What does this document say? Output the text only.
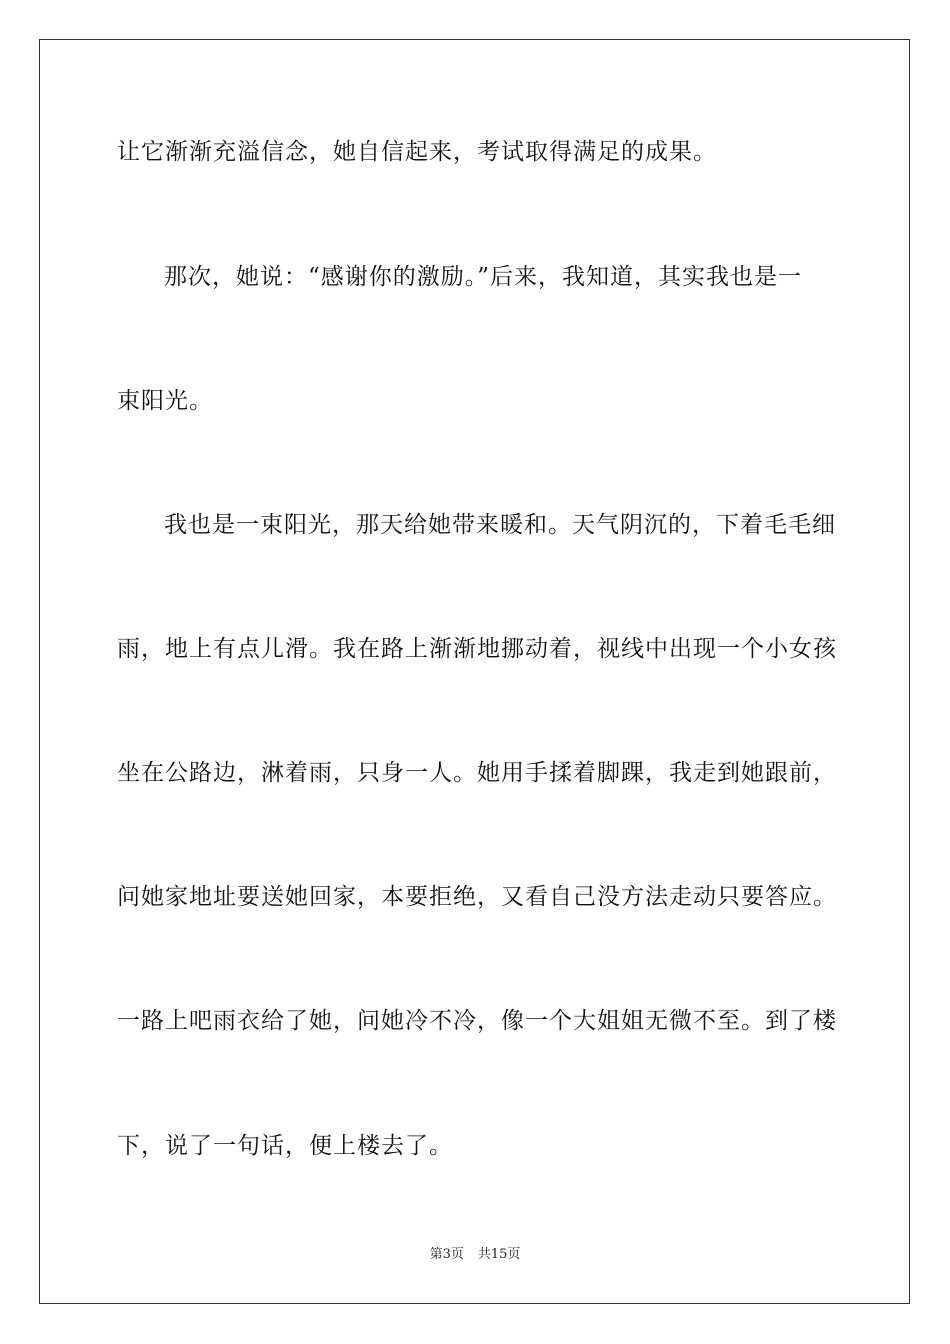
让它渐渐充溢信念，她自信起来，考试取得满足的成果。
那次，她说：“感谢你的激励。”后来，我知道，其实我也是一
束阳光。
我也是一束阳光，那天给她带来暖和。天气阴沉的，下着毛毛细
雨，地上有点儿滑。我在路上渐渐地挪动着，视线中出现一个小女孩
坐在公路边，淋着雨，只身一人。她用手揉着脚踝，我走到她跟前，
问她家地址要送她回家，本要拒绝，又看自己没方法走动只要答应。
一路上吧雨衣给了她，问她冷不冷，像一个大姐姐无微不至。到了楼
下，说了一句话，便上楼去了。
第3页 共15页
